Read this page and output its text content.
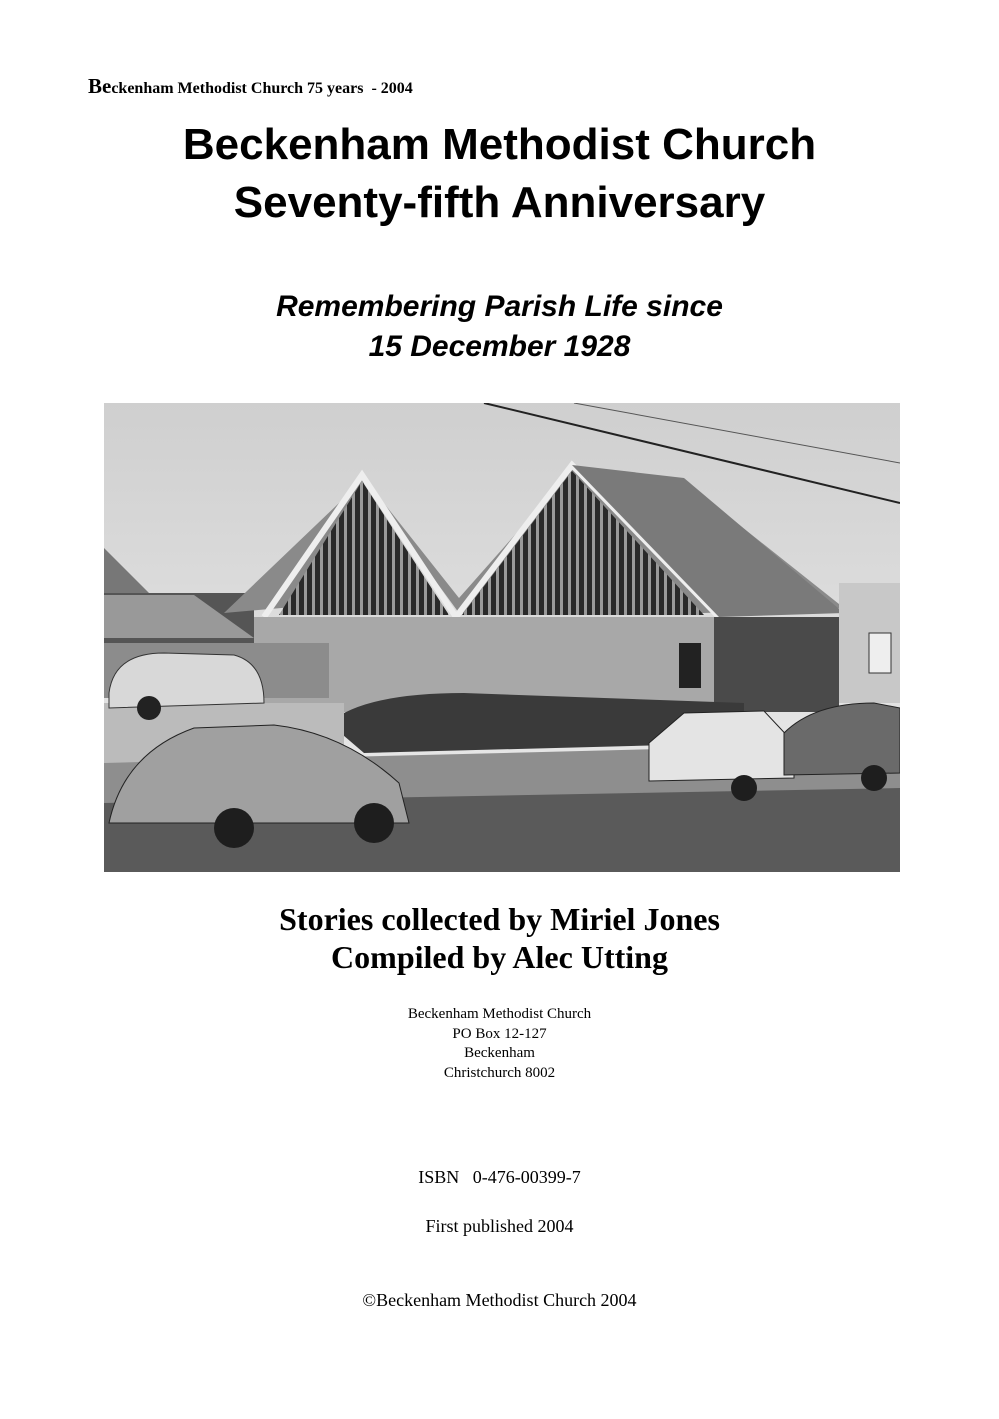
Beckenham Methodist Church 75 years  - 2004
Beckenham Methodist Church
Seventy-fifth Anniversary
Remembering Parish Life since
15 December 1928
Stories collected by Miriel Jones
Compiled by Alec Utting
Beckenham Methodist Church
PO Box 12-127
Beckenham
Christchurch 8002
ISBN   0-476-00399-7
First published 2004
©Beckenham Methodist Church 2004
